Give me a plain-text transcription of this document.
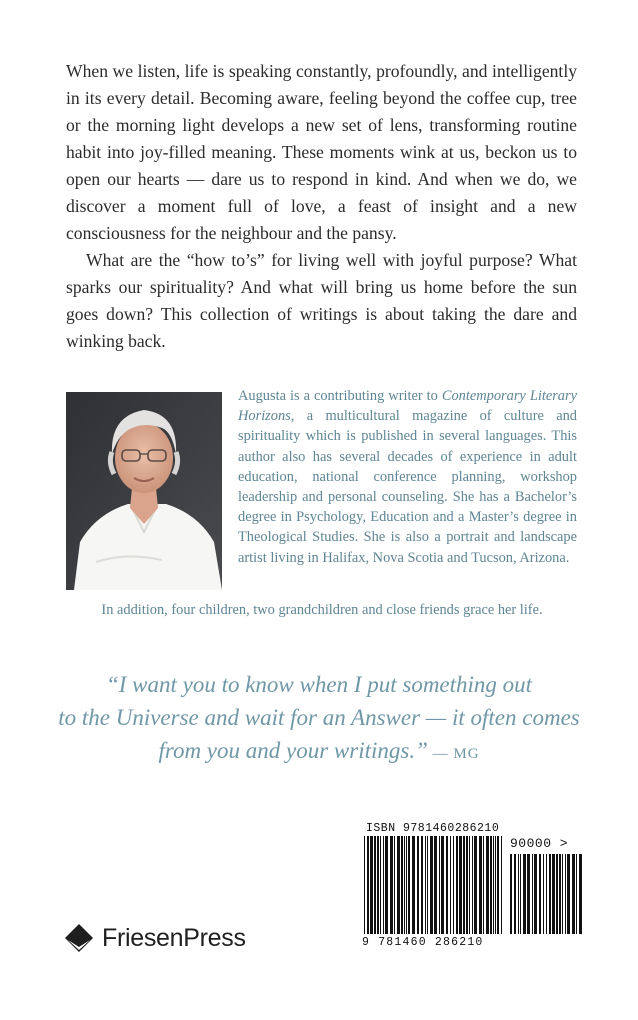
When we listen, life is speaking constantly, profoundly, and intelligently in its every detail. Becoming aware, feeling beyond the coffee cup, tree or the morning light develops a new set of lens, transforming routine habit into joy-filled meaning. These moments wink at us, beckon us to open our hearts — dare us to respond in kind. And when we do, we discover a moment full of love, a feast of insight and a new consciousness for the neighbour and the pansy.

What are the “how to’s” for living well with joyful purpose? What sparks our spirituality? And what will bring us home before the sun goes down? This collection of writings is about taking the dare and winking back.

Augusta is a contributing writer to Contemporary Literary Horizons, a multicultural magazine of culture and spirituality which is published in several languages. This author also has several decades of experience in adult education, national conference planning, workshop leadership and personal counseling. She has a Bachelor’s degree in Psychology, Education and a Master’s degree in Theological Studies. She is also a portrait and landscape artist living in Halifax, Nova Scotia and Tucson, Arizona.

In addition, four children, two grandchildren and close friends grace her life.

“I want you to know when I put something out
to the Universe and wait for an Answer — it often comes
from you and your writings.” — MG

ISBN 9781460286210
90000 >
9 781460 286210
FriesenPress
